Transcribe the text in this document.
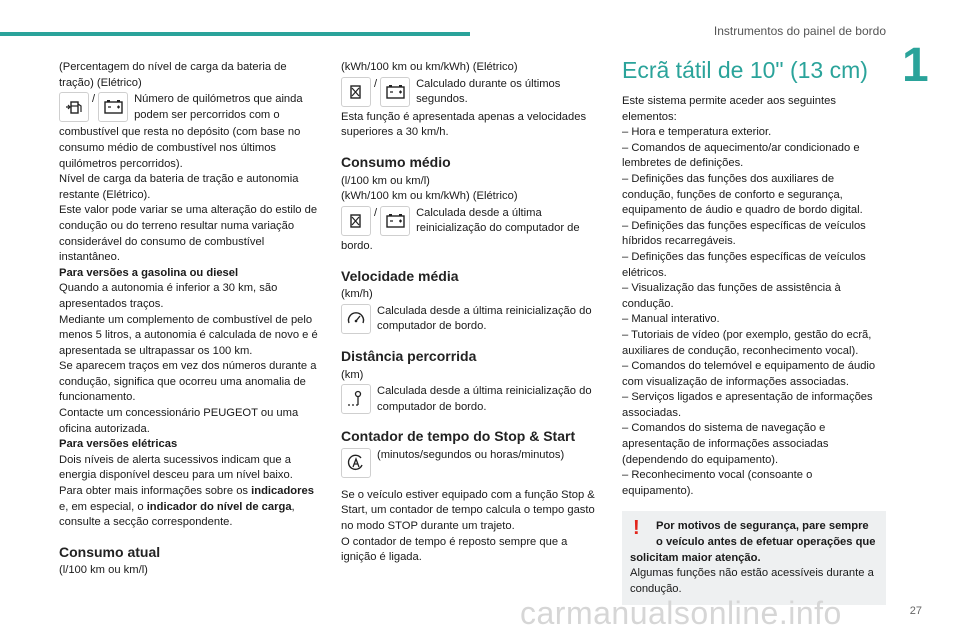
Instrumentos do painel de bordo
1

(Percentagem do nível de carga da bateria de tração) (Elétrico)

/	Número de quilómetros que ainda podem ser percorridos com o

combustível que resta no depósito (com base no consumo médio de combustível nos últimos quilómetros percorridos).

Nível de carga da bateria de tração e autonomia restante (Elétrico).

Este valor pode variar se uma alteração do estilo de condução ou do terreno resultar numa variação considerável do consumo de combustível instantâneo.

Para versões a gasolina ou diesel

Quando a autonomia é inferior a 30 km, são apresentados traços.

Mediante um complemento de combustível de pelo menos 5 litros, a autonomia é calculada de novo e é apresentada se ultrapassar os 100 km.

Se aparecem traços em vez dos números durante a condução, significa que ocorreu uma anomalia de funcionamento.

Contacte um concessionário PEUGEOT ou uma oficina autorizada.

Para versões elétricas

Dois níveis de alerta sucessivos indicam que a energia disponível desceu para um nível baixo.

Para obter mais informações sobre os indicadores e, em especial, o indicador do nível de carga, consulte a secção correspondente.

Consumo atual

(l/100 km ou km/l)

(kWh/100 km ou km/kWh) (Elétrico)

/	Calculado durante os últimos segundos.

Esta função é apresentada apenas a velocidades superiores a 30 km/h.

Consumo médio

(l/100 km ou km/l)

(kWh/100 km ou km/kWh) (Elétrico)

/	Calculada desde a última reinicialização do computador de

bordo.

Velocidade média

(km/h)

Calculada desde a última reinicialização do computador de bordo.
Distância percorrida

(km)

Calculada desde a última reinicialização do computador de bordo.
Contador de tempo do Stop & Start
(minutos/segundos ou horas/minutos)

Se o veículo estiver equipado com a função Stop & Start, um contador de tempo calcula o tempo gasto no modo STOP durante um trajeto.

O contador de tempo é reposto sempre que a ignição é ligada.

Ecrã tátil de 10" (13 cm)

Este sistema permite aceder aos seguintes elementos:

– Hora e temperatura exterior.

– Comandos de aquecimento/ar condicionado e lembretes de definições.

– Definições das funções dos auxiliares de condução, funções de conforto e segurança, equipamento de áudio e quadro de bordo digital.

– Definições das funções específicas de veículos híbridos recarregáveis.

– Definições das funções específicas de veículos elétricos.

– Visualização das funções de assistência à condução.

– Manual interativo.

– Tutoriais de vídeo (por exemplo, gestão do ecrã, auxiliares de condução, reconhecimento vocal).

– Comandos do telemóvel e equipamento de áudio com visualização de informações associadas.

– Serviços ligados e apresentação de informações associadas.

– Comandos do sistema de navegação e apresentação de informações associadas (dependendo do equipamento).

– Reconhecimento vocal (consoante o equipamento).

!	Por motivos de segurança, pare sempre o veículo antes de efetuar operações que

solicitam maior atenção.

Algumas funções não estão acessíveis durante a condução.

carmanualsonline.info	27
